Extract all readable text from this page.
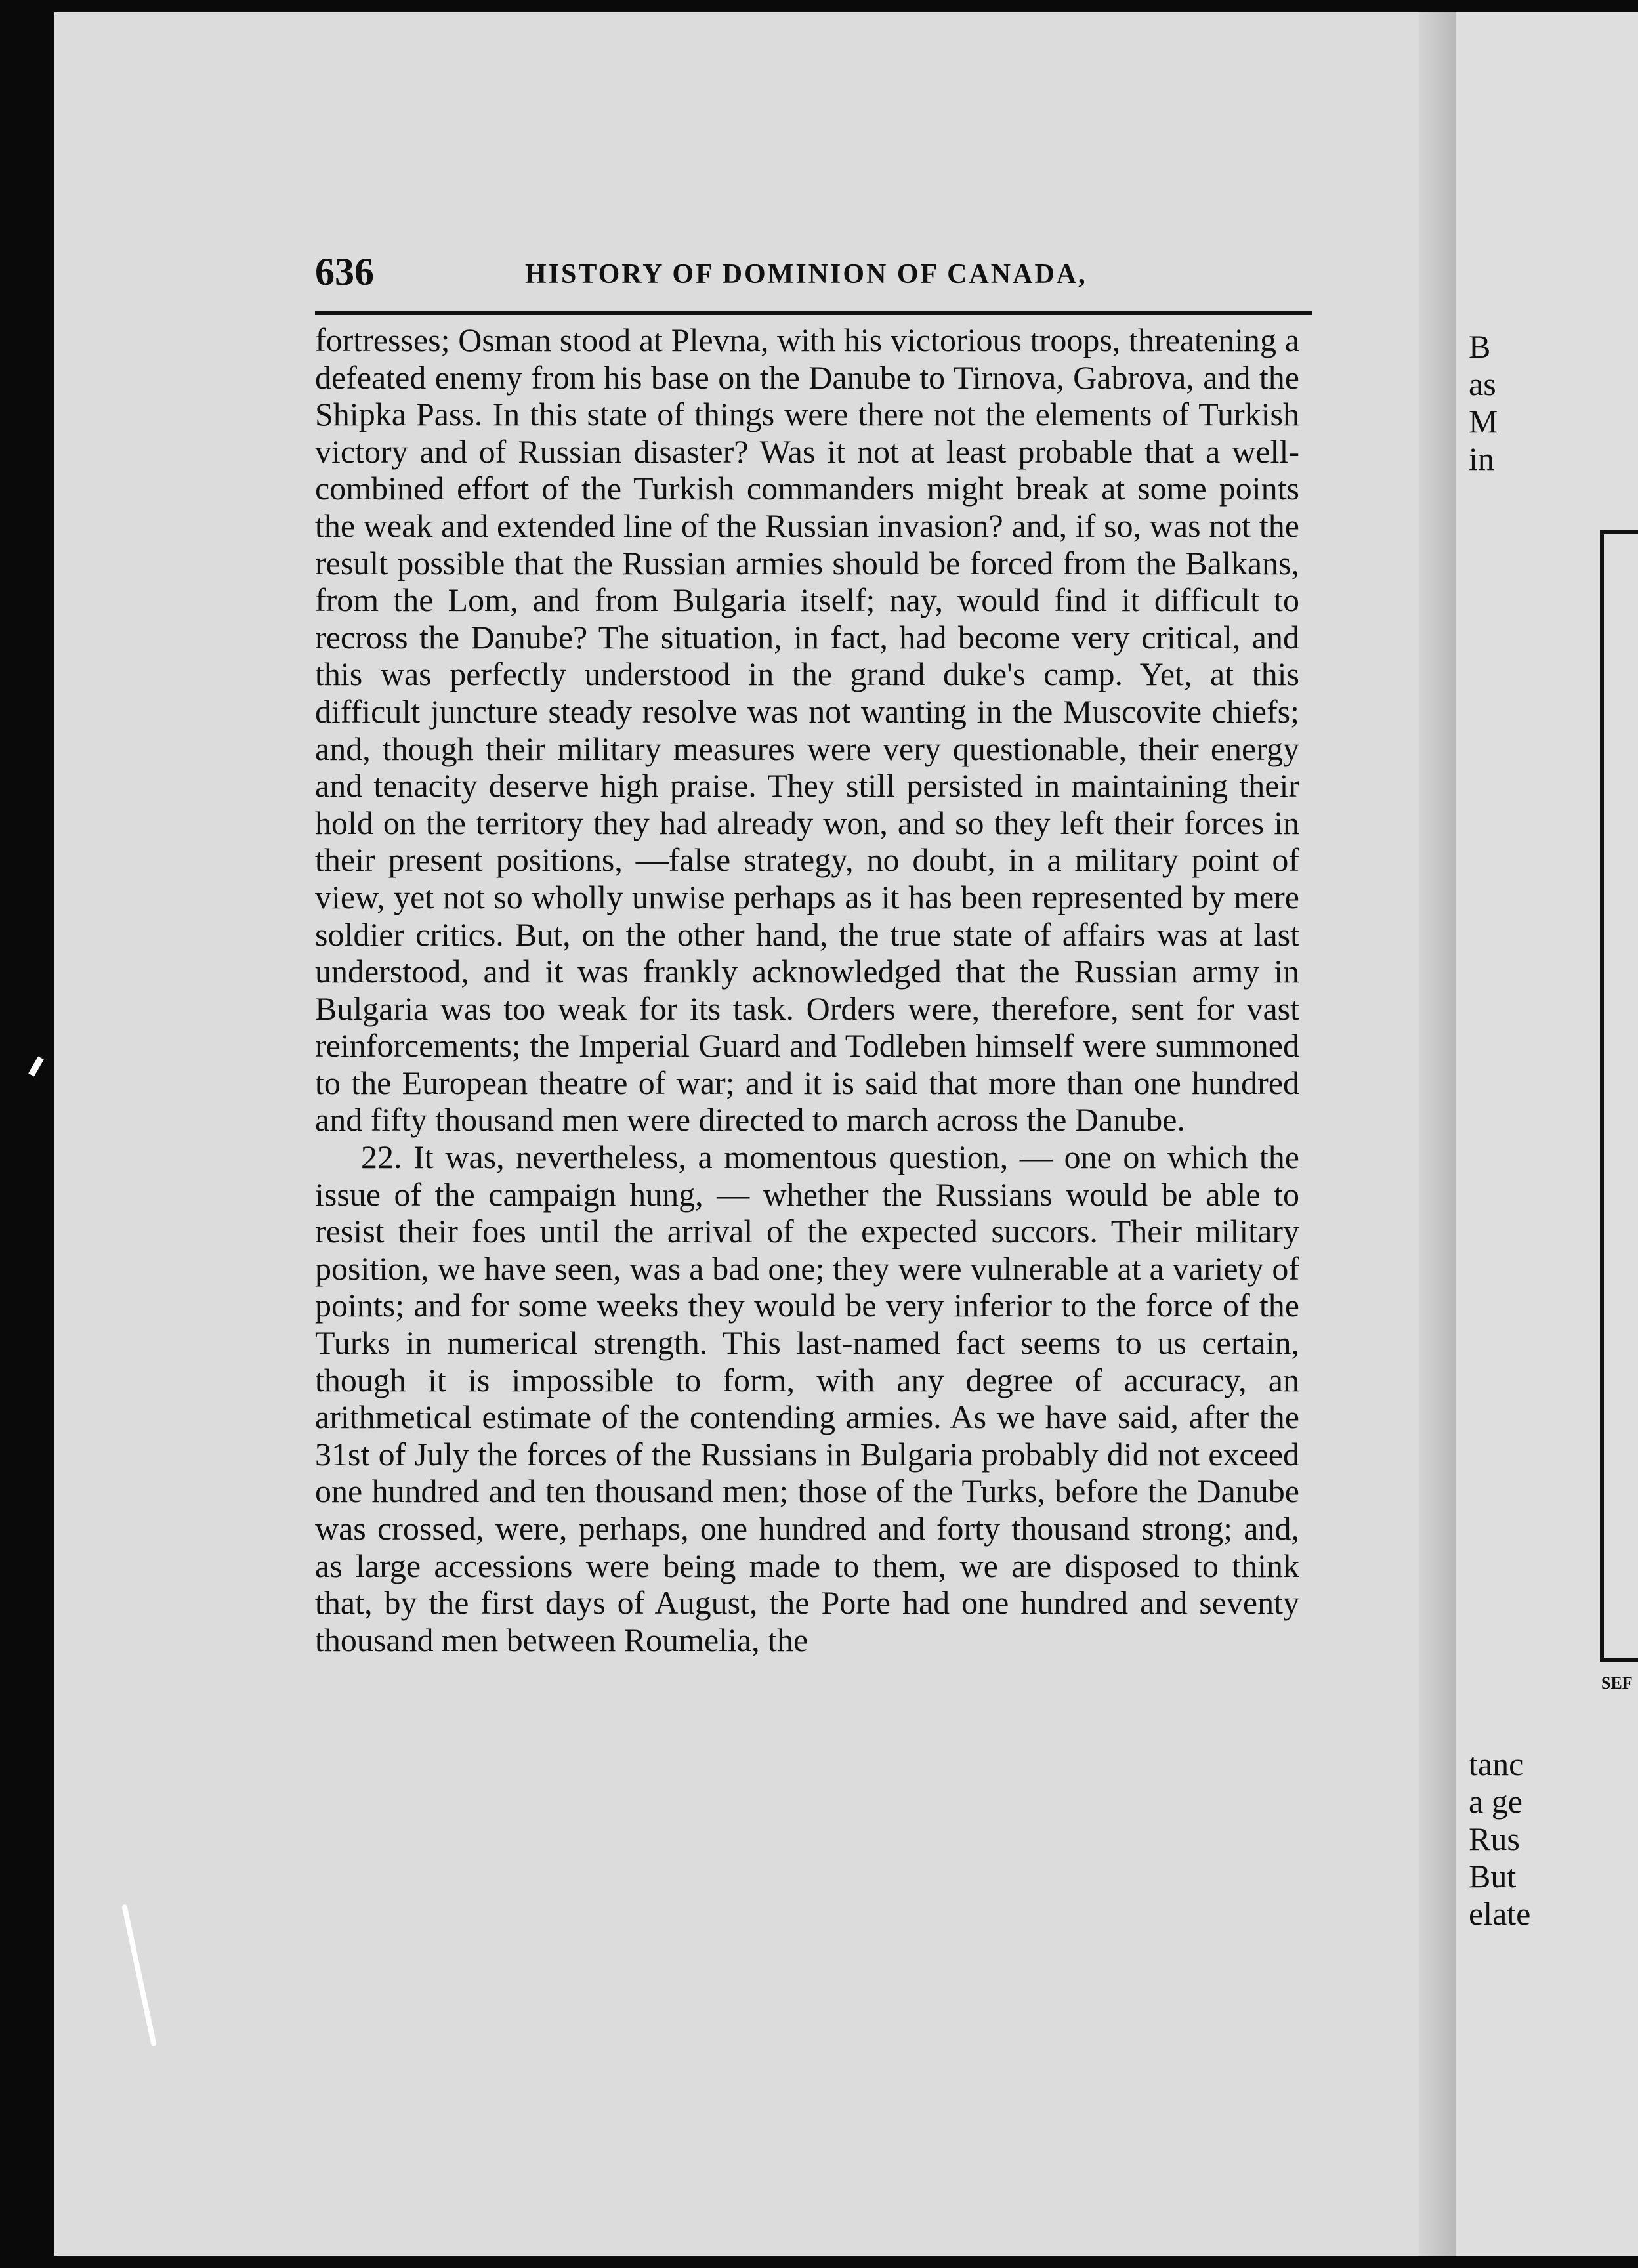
636	HISTORY OF DOMINION OF CANADA,

fortresses; Osman stood at Plevna, with his victorious troops, threatening a defeated enemy from his base on the Danube to Tirnova, Gabrova, and the Shipka Pass. In this state of things were there not the elements of Turkish victory and of Russian disaster? Was it not at least probable that a well-combined effort of the Turkish commanders might break at some points the weak and extended line of the Russian invasion? and, if so, was not the result possible that the Russian armies should be forced from the Balkans, from the Lom, and from Bulgaria itself; nay, would find it difficult to recross the Danube? The situation, in fact, had become very critical, and this was perfectly understood in the grand duke's camp. Yet, at this difficult juncture steady resolve was not wanting in the Muscovite chiefs; and, though their military measures were very questionable, their energy and tenacity deserve high praise. They still persisted in maintaining their hold on the territory they had already won, and so they left their forces in their present positions, —false strategy, no doubt, in a military point of view, yet not so wholly unwise perhaps as it has been represented by mere soldier critics. But, on the other hand, the true state of affairs was at last understood, and it was frankly acknowledged that the Russian army in Bulgaria was too weak for its task. Orders were, therefore, sent for vast reinforcements; the Imperial Guard and Todleben himself were summoned to the European theatre of war; and it is said that more than one hundred and fifty thousand men were directed to march across the Danube.

22. It was, nevertheless, a momentous question, — one on which the issue of the campaign hung, — whether the Russians would be able to resist their foes until the arrival of the expected succors. Their military position, we have seen, was a bad one; they were vulnerable at a variety of points; and for some weeks they would be very inferior to the force of the Turks in numerical strength. This last-named fact seems to us certain, though it is impossible to form, with any degree of accuracy, an arithmetical estimate of the contending armies. As we have said, after the 31st of July the forces of the Russians in Bulgaria probably did not exceed one hundred and ten thousand men; those of the Turks, before the Danube was crossed, were, perhaps, one hundred and forty thousand strong; and, as large accessions were being made to them, we are disposed to think that, by the first days of August, the Porte had one hundred and seventy thousand men between Roumelia, the

B
as
M
in
SEF
tanc
a ge
Rus
But
elate
